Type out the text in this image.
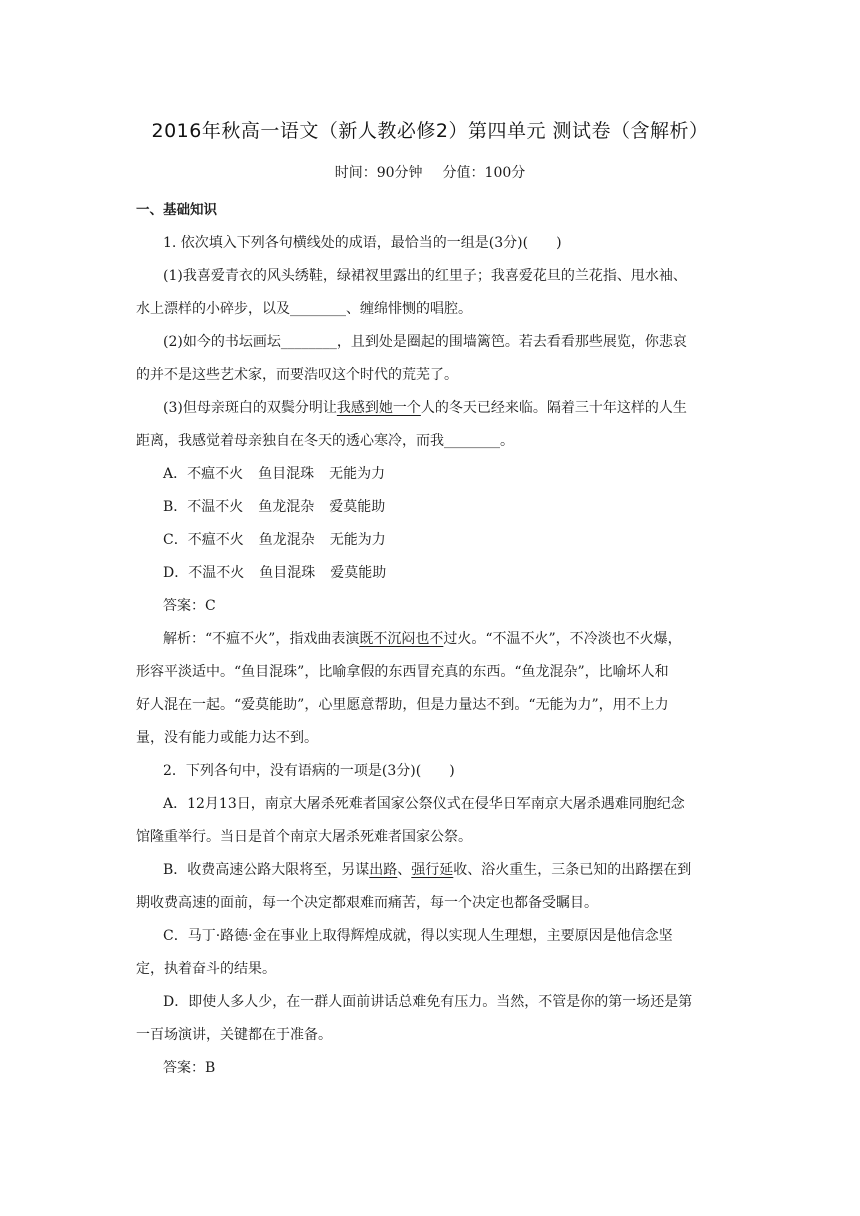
2016年秋高一语文（新人教必修2）第四单元 测试卷（含解析）
时间：90分钟 分值：100分
一、基础知识
1. 依次填入下列各句横线处的成语，最恰当的一组是(3分)(　　)
(1)我喜爱青衣的风头绣鞋，绿裙衩里露出的红里子；我喜爱花旦的兰花指、甩水袖、
水上漂样的小碎步，以及________、缠绵悱恻的唱腔。
(2)如今的书坛画坛________，且到处是圈起的围墙篱笆。若去看看那些展览，你悲哀
的并不是这些艺术家，而要浩叹这个时代的荒芜了。
(3)但母亲斑白的双鬓分明让我感到她一个人的冬天已经来临。隔着三十年这样的人生
距离，我感觉着母亲独自在冬天的透心寒冷，而我________。
A．不瘟不火 鱼目混珠 无能为力
B．不温不火 鱼龙混杂 爱莫能助
C．不瘟不火 鱼龙混杂 无能为力
D．不温不火 鱼目混珠 爱莫能助
答案：C
解析：“不瘟不火”，指戏曲表演既不沉闷也不过火。“不温不火”，不冷淡也不火爆，
形容平淡适中。“鱼目混珠”，比喻拿假的东西冒充真的东西。“鱼龙混杂”，比喻坏人和
好人混在一起。“爱莫能助”，心里愿意帮助，但是力量达不到。“无能为力”，用不上力
量，没有能力或能力达不到。
2．下列各句中，没有语病的一项是(3分)(　　)
A．12月13日，南京大屠杀死难者国家公祭仪式在侵华日军南京大屠杀遇难同胞纪念
馆隆重举行。当日是首个南京大屠杀死难者国家公祭。
B．收费高速公路大限将至，另谋出路、强行延收、浴火重生，三条已知的出路摆在到
期收费高速的面前，每一个决定都艰难而痛苦，每一个决定也都备受瞩目。
C．马丁·路德·金在事业上取得辉煌成就，得以实现人生理想，主要原因是他信念坚
定，执着奋斗的结果。
D．即使人多人少，在一群人面前讲话总难免有压力。当然，不管是你的第一场还是第
一百场演讲，关键都在于准备。
答案：B
